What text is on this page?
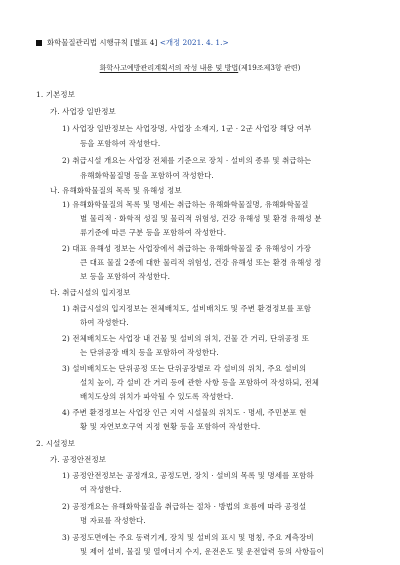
화학물질관리법 시행규칙 [별표 4] <개정 2021. 4. 1.>
화학사고예방관리계획서의 작성 내용 및 방법(제19조제3항 관련)
1. 기본정보
가. 사업장 일반정보
1) 사업장 일반정보는 사업장명, 사업장 소재지, 1군 · 2군 사업장 해당 여부
등을 포함하여 작성한다.
2) 취급시설 개요는 사업장 전체를 기준으로 장치 · 설비의 종류 및 취급하는
유해화학물질명 등을 포함하여 작성한다.
나. 유해화학물질의 목록 및 유해성 정보
1) 유해화학물질의 목록 및 명세는 취급하는 유해화학물질명, 유해화학물질
별 물리적 · 화학적 성질 및 물리적 위험성, 건강 유해성 및 환경 유해성 분
류기준에 따른 구분 등을 포함하여 작성한다.
2) 대표 유해성 정보는 사업장에서 취급하는 유해화학물질 중 유해성이 가장
큰 대표 물질 2종에 대한 물리적 위험성, 건강 유해성 또는 환경 유해성 정
보 등을 포함하여 작성한다.
다. 취급시설의 입지정보
1) 취급시설의 입지정보는 전체배치도, 설비배치도 및 주변 환경정보를 포함
하여 작성한다.
2) 전체배치도는 사업장 내 건물 및 설비의 위치, 건물 간 거리, 단위공정 또
는 단위공장 배치 등을 포함하여 작성한다.
3) 설비배치도는 단위공정 또는 단위공장별로 각 설비의 위치, 주요 설비의
설치 높이, 각 설비 간 거리 등에 관한 사항 등을 포함하여 작성하되, 전체
배치도상의 위치가 파악될 수 있도록 작성한다.
4) 주변 환경정보는 사업장 인근 지역 시설물의 위치도 · 명세, 주민분포 현
황 및 자연보호구역 지정 현황 등을 포함하여 작성한다.
2. 시설정보
가. 공정안전정보
1) 공정안전정보는 공정개요, 공정도면, 장치 · 설비의 목록 및 명세를 포함하
여 작성한다.
2) 공정개요는 유해화학물질을 취급하는 절차 · 방법의 흐름에 따라 공정설
명 자료를 작성한다.
3) 공정도면에는 주요 동력기계, 장치 및 설비의 표시 및 명칭, 주요 계측장비
및 제어 설비, 물질 및 열에너지 수지, 운전온도 및 운전압력 등의 사항들이
